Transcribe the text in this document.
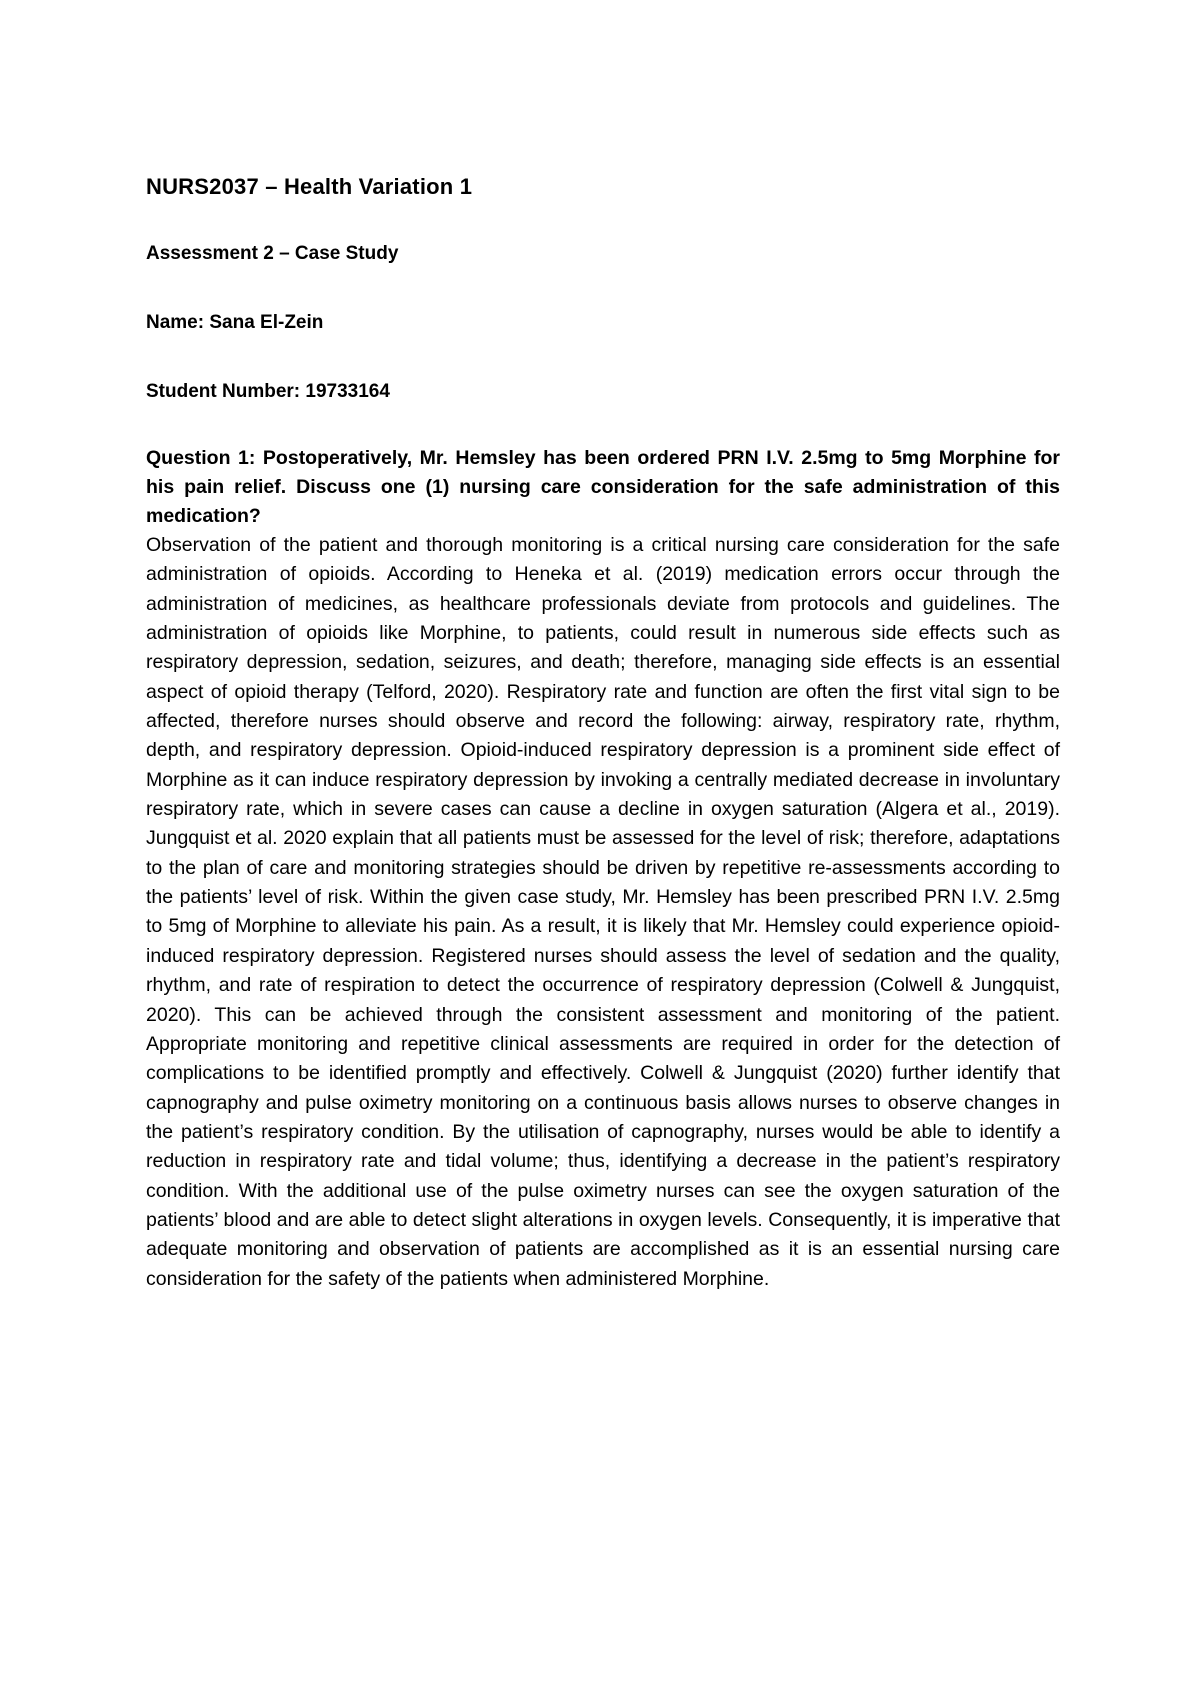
NURS2037 – Health Variation 1
Assessment 2 – Case Study
Name: Sana El-Zein
Student Number: 19733164

Question 1: Postoperatively, Mr. Hemsley has been ordered PRN I.V. 2.5mg to 5mg Morphine for his pain relief. Discuss one (1) nursing care consideration for the safe administration of this medication?

Observation of the patient and thorough monitoring is a critical nursing care consideration for the safe administration of opioids. According to Heneka et al. (2019) medication errors occur through the administration of medicines, as healthcare professionals deviate from protocols and guidelines. The administration of opioids like Morphine, to patients, could result in numerous side effects such as respiratory depression, sedation, seizures, and death; therefore, managing side effects is an essential aspect of opioid therapy (Telford, 2020). Respiratory rate and function are often the first vital sign to be affected, therefore nurses should observe and record the following: airway, respiratory rate, rhythm, depth, and respiratory depression. Opioid-induced respiratory depression is a prominent side effect of Morphine as it can induce respiratory depression by invoking a centrally mediated decrease in involuntary respiratory rate, which in severe cases can cause a decline in oxygen saturation (Algera et al., 2019). Jungquist et al. 2020 explain that all patients must be assessed for the level of risk; therefore, adaptations to the plan of care and monitoring strategies should be driven by repetitive re-assessments according to the patients’ level of risk. Within the given case study, Mr. Hemsley has been prescribed PRN I.V. 2.5mg to 5mg of Morphine to alleviate his pain. As a result, it is likely that Mr. Hemsley could experience opioid-induced respiratory depression. Registered nurses should assess the level of sedation and the quality, rhythm, and rate of respiration to detect the occurrence of respiratory depression (Colwell & Jungquist, 2020). This can be achieved through the consistent assessment and monitoring of the patient. Appropriate monitoring and repetitive clinical assessments are required in order for the detection of complications to be identified promptly and effectively. Colwell & Jungquist (2020) further identify that capnography and pulse oximetry monitoring on a continuous basis allows nurses to observe changes in the patient’s respiratory condition. By the utilisation of capnography, nurses would be able to identify a reduction in respiratory rate and tidal volume; thus, identifying a decrease in the patient’s respiratory condition. With the additional use of the pulse oximetry nurses can see the oxygen saturation of the patients’ blood and are able to detect slight alterations in oxygen levels. Consequently, it is imperative that adequate monitoring and observation of patients are accomplished as it is an essential nursing care consideration for the safety of the patients when administered Morphine.
